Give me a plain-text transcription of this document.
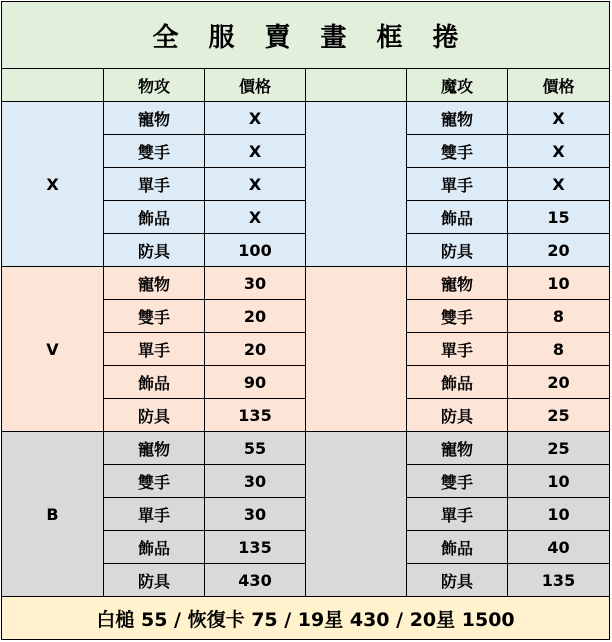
全服賣畫框捲					
	物攻	價格		魔攻	價格
X	寵物	X		寵物	X
	雙手	X		雙手	X
	單手	X		單手	X
	飾品	X		飾品	15
	防具	100		防具	20
V	寵物	30		寵物	10
	雙手	20		雙手	8
	單手	20		單手	8
	飾品	90		飾品	20
	防具	135		防具	25
B	寵物	55		寵物	25
	雙手	30		雙手	10
	單手	30		單手	10
	飾品	135		飾品	40
	防具	430		防具	135
白槌 55 / 恢復卡 75 / 19星 430 / 20星 1500					
